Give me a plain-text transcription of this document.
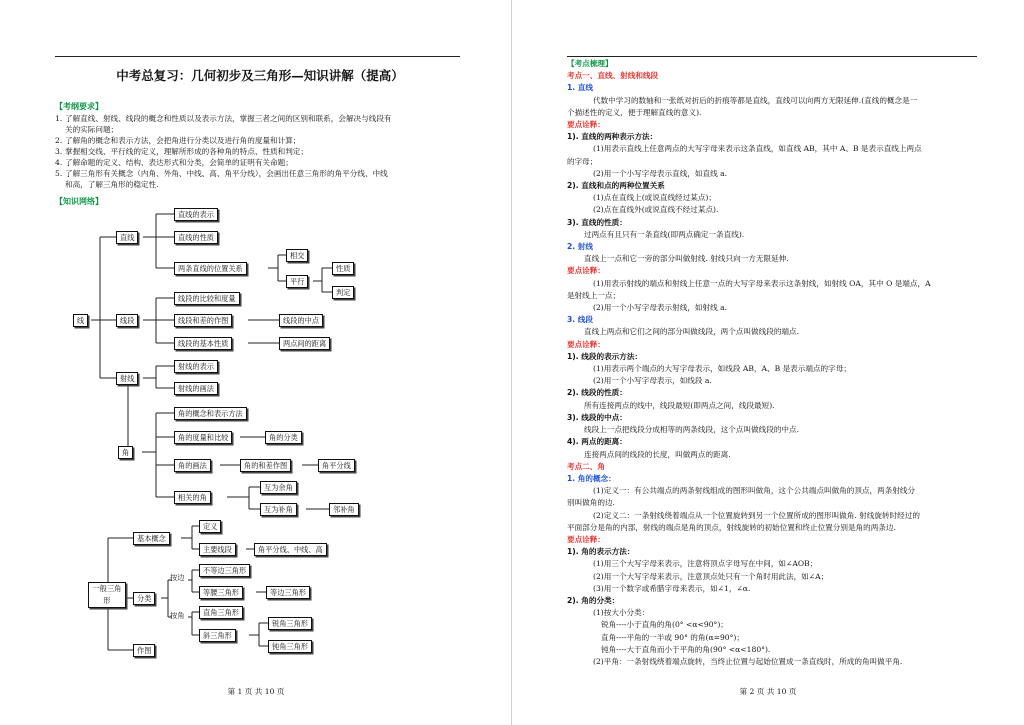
中考总复习：几何初步及三角形—知识讲解（提高）
【考纲要求】
1. 了解直线、射线、线段的概念和性质以及表示方法，掌握三者之间的区别和联系，会解决与线段有
关的实际问题；
2. 了解角的概念和表示方法，会把角进行分类以及进行角的度量和计算；
3. 掌握相交线、平行线的定义，理解所形成的各种角的特点、性质和判定；
4. 了解命题的定义、结构、表达形式和分类，会简单的证明有关命题；
5. 了解三角形有关概念（内角、外角、中线、高、角平分线），会画出任意三角形的角平分线、中线
和高，了解三角形的稳定性.
【知识网络】
线
直线
直线的表示
直线的性质
两条直线的位置关系
相交
平行
性质
判定
线段
线段的比较和度量
线段和差的作图	线段的中点
线段的基本性质	两点间的距离
射线
射线的表示
射线的画法
角
角的概念和表示方法
角的度量和比较	角的分类
角的画法	角的和差作图	角平分线
相关的角
互为余角
互为补角	邻补角
一般三角形
基本概念
定义
主要线段	角平分线、中线、高
分类
按边
不等边三角形
等腰三角形	等边三角形
按角	直角三角形
斜三角形
锐角三角形
钝角三角形
作图
第 1 页 共 10 页
【考点梳理】
考点一、直线、射线和线段
1. 直线
代数中学习的数轴和一张纸对折后的折痕等都是直线，直线可以向两方无限延伸.(直线的概念是一
个描述性的定义，便于理解直线的意义).
要点诠释：
1). 直线的两种表示方法：
(1)用表示直线上任意两点的大写字母来表示这条直线，如直线 AB，其中 A、B 是表示直线上两点
的字母；
(2)用一个小写字母表示直线，如直线 a.
2). 直线和点的两种位置关系
(1)点在直线上(或说直线经过某点)；
(2)点在直线外(或说直线不经过某点).
3). 直线的性质：
过两点有且只有一条直线(即两点确定一条直线).
2. 射线
直线上一点和它一旁的部分叫做射线. 射线只向一方无限延伸.
要点诠释：
(1)用表示射线的端点和射线上任意一点的大写字母来表示这条射线，如射线 OA，其中 O 是端点，A
是射线上一点；
(2)用一个小写字母表示射线，如射线 a.
3. 线段
直线上两点和它们之间的部分叫做线段，两个点叫做线段的端点.
要点诠释：
1). 线段的表示方法：
(1)用表示两个端点的大写字母表示，如线段 AB，A、B 是表示端点的字母；
(2)用一个小写字母表示，如线段 a.
2). 线段的性质：
所有连接两点的线中，线段最短(即两点之间，线段最短).
3). 线段的中点：
线段上一点把线段分成相等的两条线段，这个点叫做线段的中点.
4). 两点的距离：
连接两点间的线段的长度，叫做两点的距离.
考点二、角
1. 角的概念：
(1)定义一：有公共端点的两条射线组成的图形叫做角，这个公共端点叫做角的顶点，两条射线分
别叫做角的边.
(2)定义二：一条射线绕着端点从一个位置旋转到另一个位置所成的图形叫做角. 射线旋转时经过的
平面部分是角的内部，射线的端点是角的顶点，射线旋转的初始位置和终止位置分别是角的两条边.
要点诠释：
1). 角的表示方法：
(1)用三个大写字母来表示，注意将顶点字母写在中间，如∠AOB；
(2)用一个大写字母来表示，注意顶点处只有一个角时用此法，如∠A；
(3)用一个数字或希腊字母来表示，如∠1，∠α.
2). 角的分类：
(1)按大小分类：
锐角----小于直角的角(0° <α<90°)；
直角----平角的一半或 90° 的角(α=90°)；
钝角----大于直角而小于平角的角(90° <α<180°).
(2)平角：一条射线绕着端点旋转，当终止位置与起始位置成一条直线时，所成的角叫做平角.
第 2 页 共 10 页
